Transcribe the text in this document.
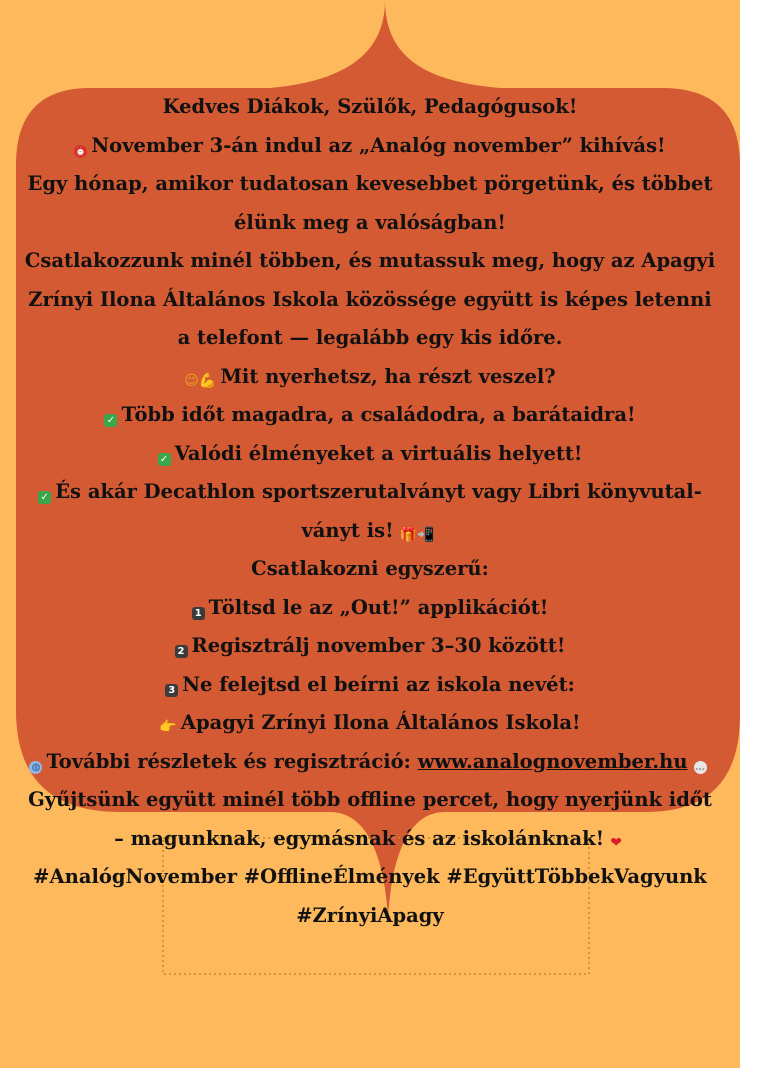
Kedves Diákok, Szülők, Pedagógusok!

⏰ November 3-án indul az „Analóg november” kihívás!

Egy hónap, amikor tudatosan kevesebbet pörgetünk, és többet élünk meg a valóságban!

Csatlakozzunk minél többen, és mutassuk meg, hogy az Apagyi Zrínyi Ilona Általános Iskola közössége együtt is képes letenni a telefont — legalább egy kis időre.

😉💪 Mit nyerhetsz, ha részt veszel?

✓ Több időt magadra, a családodra, a barátaidra!

✓ Valódi élményeket a virtuális helyett!

✓ És akár Decathlon sportszerutalványt vagy Libri könyvutal-ványt is! 🎁📲

Csatlakozni egyszerű:

1 Töltsd le az „Out!” applikációt!

2 Regisztrálj november 3–30 között!

3 Ne felejtsd el beírni az iskola nevét:

👉 Apagyi Zrínyi Ilona Általános Iskola!

◍ További részletek és regisztráció: www.analognovember.hu …

Gyűjtsünk együtt minél több offline percet, hogy nyerjünk időt – magunknak, egymásnak és az iskolánknak! ❤

#AnalógNovember #OfflineÉlmények #EgyüttTöbbekVagyunk #ZrínyiApagy
